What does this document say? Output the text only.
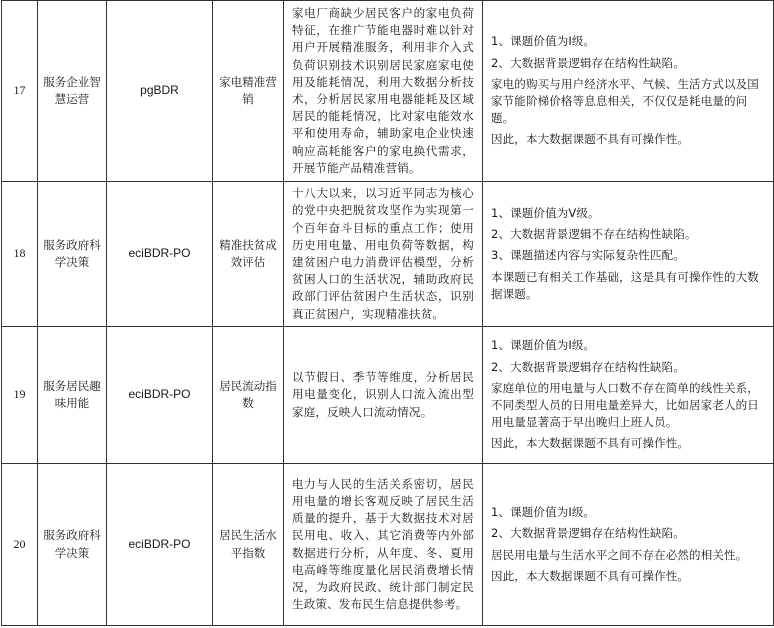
17	服务企业智慧运营	pgBDR	家电精准营销	家电厂商缺少居民客户的家电负荷特征，在推广节能电器时难以针对用户开展精准服务，利用非介入式负荷识别技术识别居民家庭家电使用及能耗情况，利用大数据分析技术，分析居民家用电器能耗及区域居民的能耗情况，比对家电能效水平和使用寿命，辅助家电企业快速响应高耗能客户的家电换代需求，开展节能产品精准营销。	1、课题价值为Ⅰ级。

2、大数据背景逻辑存在结构性缺陷。

家电的购买与用户经济水平、气候、生活方式以及国家节能阶梯价格等息息相关，不仅仅是耗电量的问题。

因此，本大数据课题不具有可操作性。

18	服务政府科学决策	eciBDR-PO	精准扶贫成效评估	十八大以来，以习近平同志为核心的党中央把脱贫攻坚作为实现第一个百年奋斗目标的重点工作；使用历史用电量、用电负荷等数据，构建贫困户电力消费评估模型，分析贫困人口的生活状况，辅助政府民政部门评估贫困户生活状态，识别真正贫困户，实现精准扶贫。	1、课题价值为Ⅴ级。

2、大数据背景逻辑不存在结构性缺陷。

3、课题描述内容与实际复杂性匹配。

本课题已有相关工作基础，这是具有可操作性的大数据课题。

19	服务居民趣味用能	eciBDR-PO	居民流动指数	以节假日、季节等维度，分析居民用电量变化，识别人口流入流出型家庭，反映人口流动情况。	1、课题价值为Ⅰ级。

2、大数据背景逻辑存在结构性缺陷。

家庭单位的用电量与人口数不存在简单的线性关系，不同类型人员的日用电量差异大，比如居家老人的日用电量显著高于早出晚归上班人员。

因此，本大数据课题不具有可操作性。

20	服务政府科学决策	eciBDR-PO	居民生活水平指数	电力与人民的生活关系密切，居民用电量的增长客观反映了居民生活质量的提升，基于大数据技术对居民用电、收入、其它消费等内外部数据进行分析，从年度、冬、夏用电高峰等维度量化居民消费增长情况，为政府民政、统计部门制定民生政策、发布民生信息提供参考。	1、课题价值为Ⅰ级。

2、大数据背景逻辑存在结构性缺陷。

居民用电量与生活水平之间不存在必然的相关性。

因此，本大数据课题不具有可操作性。
